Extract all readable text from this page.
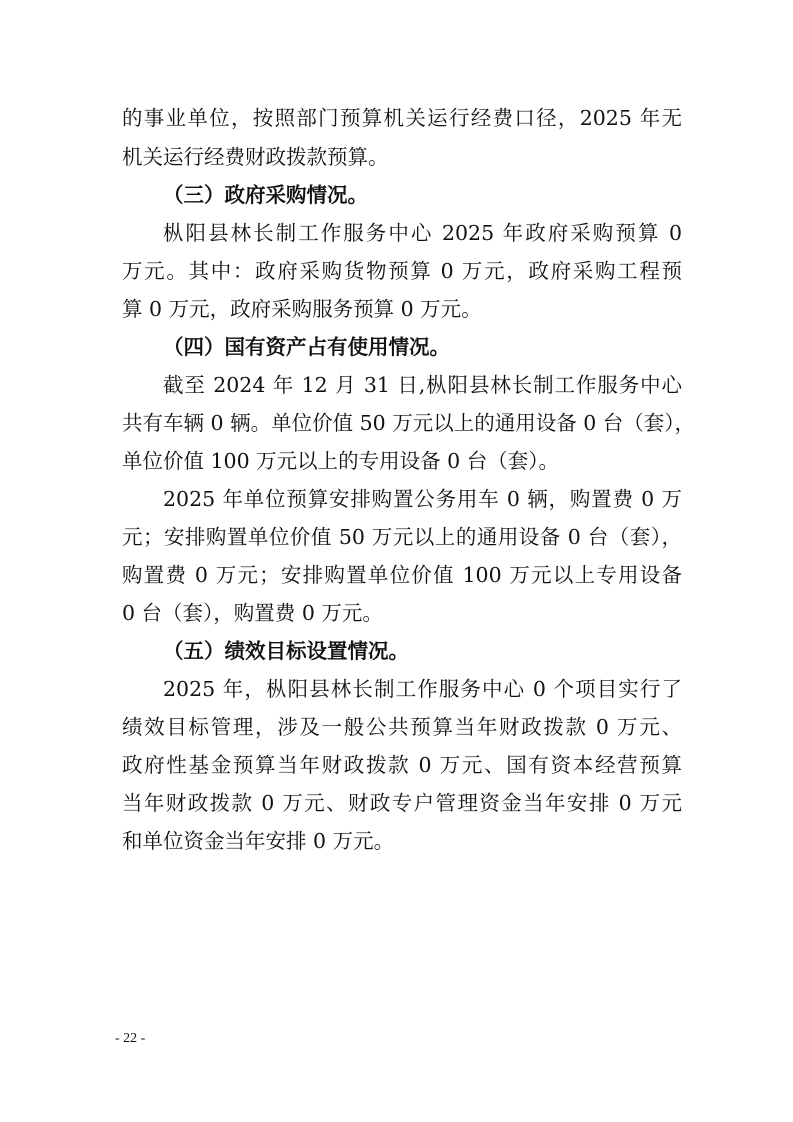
的事业单位，按照部门预算机关运行经费口径，2025 年无
机关运行经费财政拨款预算。
（三）政府采购情况。
枞阳县林长制工作服务中心 2025 年政府采购预算 0
万元。其中：政府采购货物预算 0 万元，政府采购工程预
算 0 万元，政府采购服务预算 0 万元。
（四）国有资产占有使用情况。
截至 2024 年 12 月 31 日,枞阳县林长制工作服务中心
共有车辆 0 辆。单位价值 50 万元以上的通用设备 0 台（套），
单位价值 100 万元以上的专用设备 0 台（套）。
2025 年单位预算安排购置公务用车 0 辆，购置费 0 万
元；安排购置单位价值 50 万元以上的通用设备 0 台（套），
购置费 0 万元；安排购置单位价值 100 万元以上专用设备
0 台（套），购置费 0 万元。
（五）绩效目标设置情况。
2025 年，枞阳县林长制工作服务中心 0 个项目实行了
绩效目标管理，涉及一般公共预算当年财政拨款 0 万元、
政府性基金预算当年财政拨款 0 万元、国有资本经营预算
当年财政拨款 0 万元、财政专户管理资金当年安排 0 万元
和单位资金当年安排 0 万元。
- 22 -
